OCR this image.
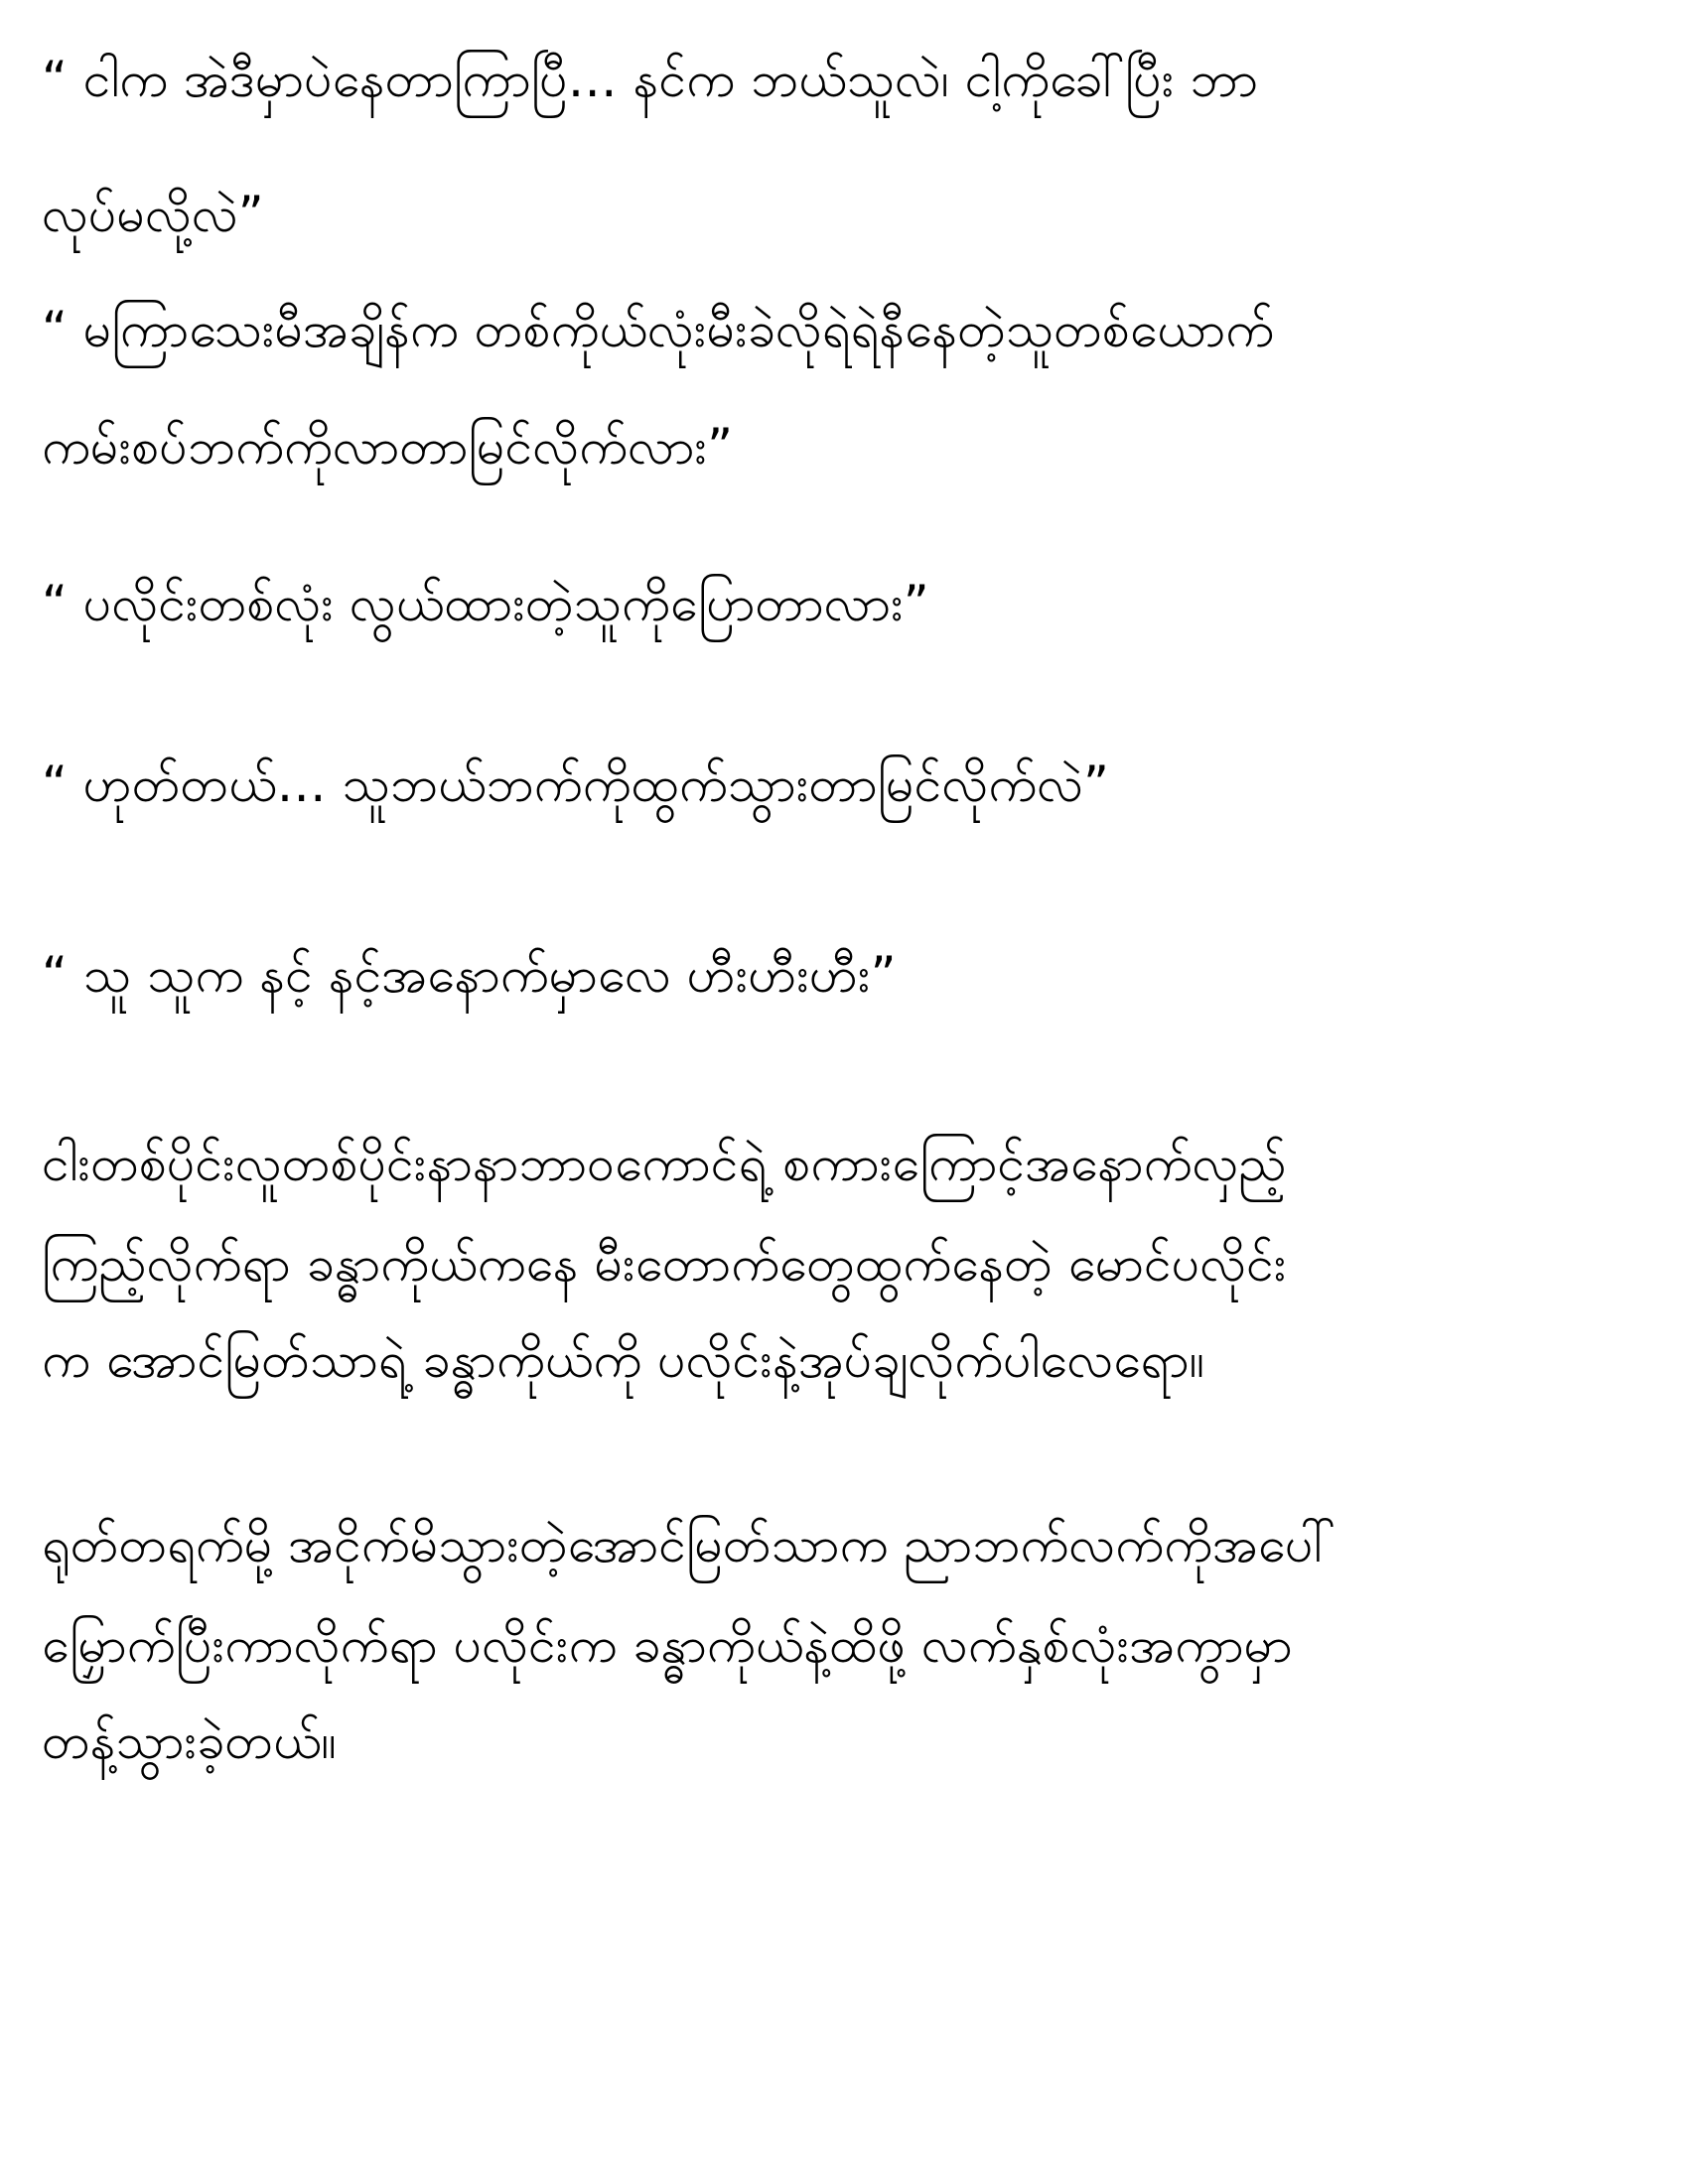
“ ငါက အဲဒီမှာပဲနေတာကြာပြီ… နင်က ဘယ်သူလဲ၊ ငါ့ကိုခေါ်ပြီး ဘာ
လုပ်မလို့လဲ”
“ မကြာသေးမီအချိန်က တစ်ကိုယ်လုံးမီးခဲလိုရဲရဲနီနေတဲ့သူတစ်ယောက်
ကမ်းစပ်ဘက်ကိုလာတာမြင်လိုက်လား”
“ ပလိုင်းတစ်လုံး လွယ်ထားတဲ့သူကိုပြောတာလား”
“ ဟုတ်တယ်… သူဘယ်ဘက်ကိုထွက်သွားတာမြင်လိုက်လဲ”
“ သူ သူက နင့် နင့်အနောက်မှာလေ ဟီးဟီးဟီး”
ငါးတစ်ပိုင်းလူတစ်ပိုင်းနာနာဘာဝကောင်ရဲ့ စကားကြောင့်အနောက်လှည့်
ကြည့်လိုက်ရာ ခန္ဓာကိုယ်ကနေ မီးတောက်တွေထွက်နေတဲ့ မောင်ပလိုင်း
က အောင်မြတ်သာရဲ့ ခန္ဓာကိုယ်ကို ပလိုင်းနဲ့အုပ်ချလိုက်ပါလေရော။
ရုတ်တရက်မို့ အငိုက်မိသွားတဲ့အောင်မြတ်သာက ညာဘက်လက်ကိုအပေါ်
မြှောက်ပြီးကာလိုက်ရာ ပလိုင်းက ခန္ဓာကိုယ်နဲ့ထိဖို့ လက်နှစ်လုံးအကွာမှာ
တန့်သွားခဲ့တယ်။
